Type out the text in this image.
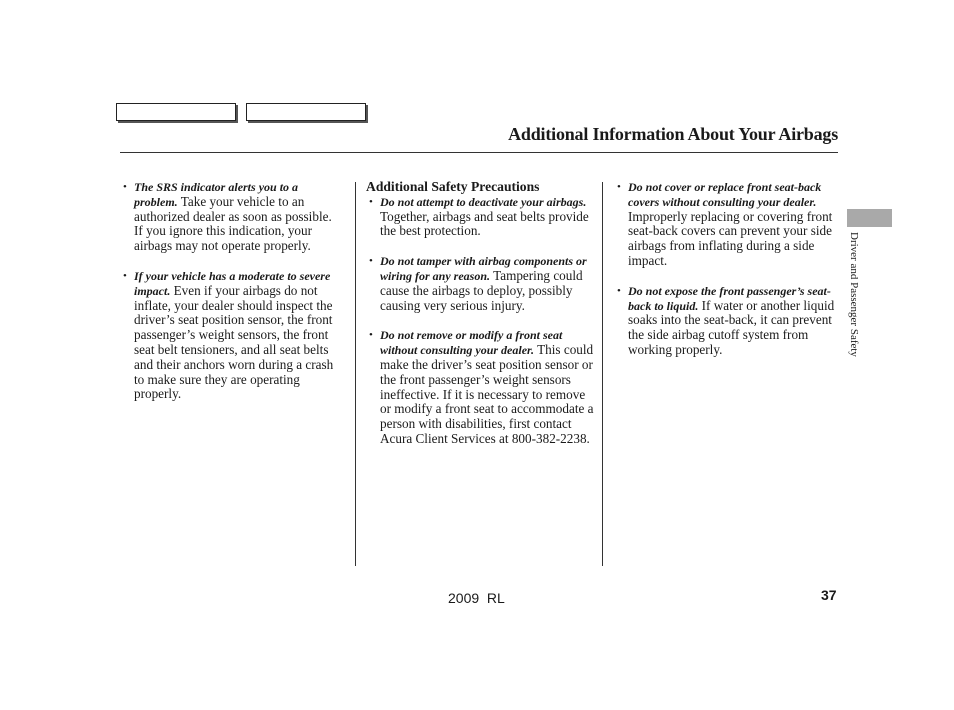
Additional Information About Your Airbags
• The SRS indicator alerts you to a problem. Take your vehicle to an authorized dealer as soon as possible. If you ignore this indication, your airbags may not operate properly.
• If your vehicle has a moderate to severe impact. Even if your airbags do not inflate, your dealer should inspect the driver’s seat position sensor, the front passenger’s weight sensors, the front seat belt tensioners, and all seat belts and their anchors worn during a crash to make sure they are operating properly.
Additional Safety Precautions
• Do not attempt to deactivate your airbags. Together, airbags and seat belts provide the best protection.
• Do not tamper with airbag components or wiring for any reason. Tampering could cause the airbags to deploy, possibly causing very serious injury.
• Do not remove or modify a front seat without consulting your dealer. This could make the driver’s seat position sensor or the front passenger’s weight sensors ineffective. If it is necessary to remove or modify a front seat to accommodate a person with disabilities, first contact Acura Client Services at 800-382-2238.
• Do not cover or replace front seat-back covers without consulting your dealer. Improperly replacing or covering front seat-back covers can prevent your side airbags from inflating during a side impact.
• Do not expose the front passenger’s seat-back to liquid. If water or another liquid soaks into the seat-back, it can prevent the side airbag cutoff system from working properly.	Driver and Passenger Safety
2009  RL	37
